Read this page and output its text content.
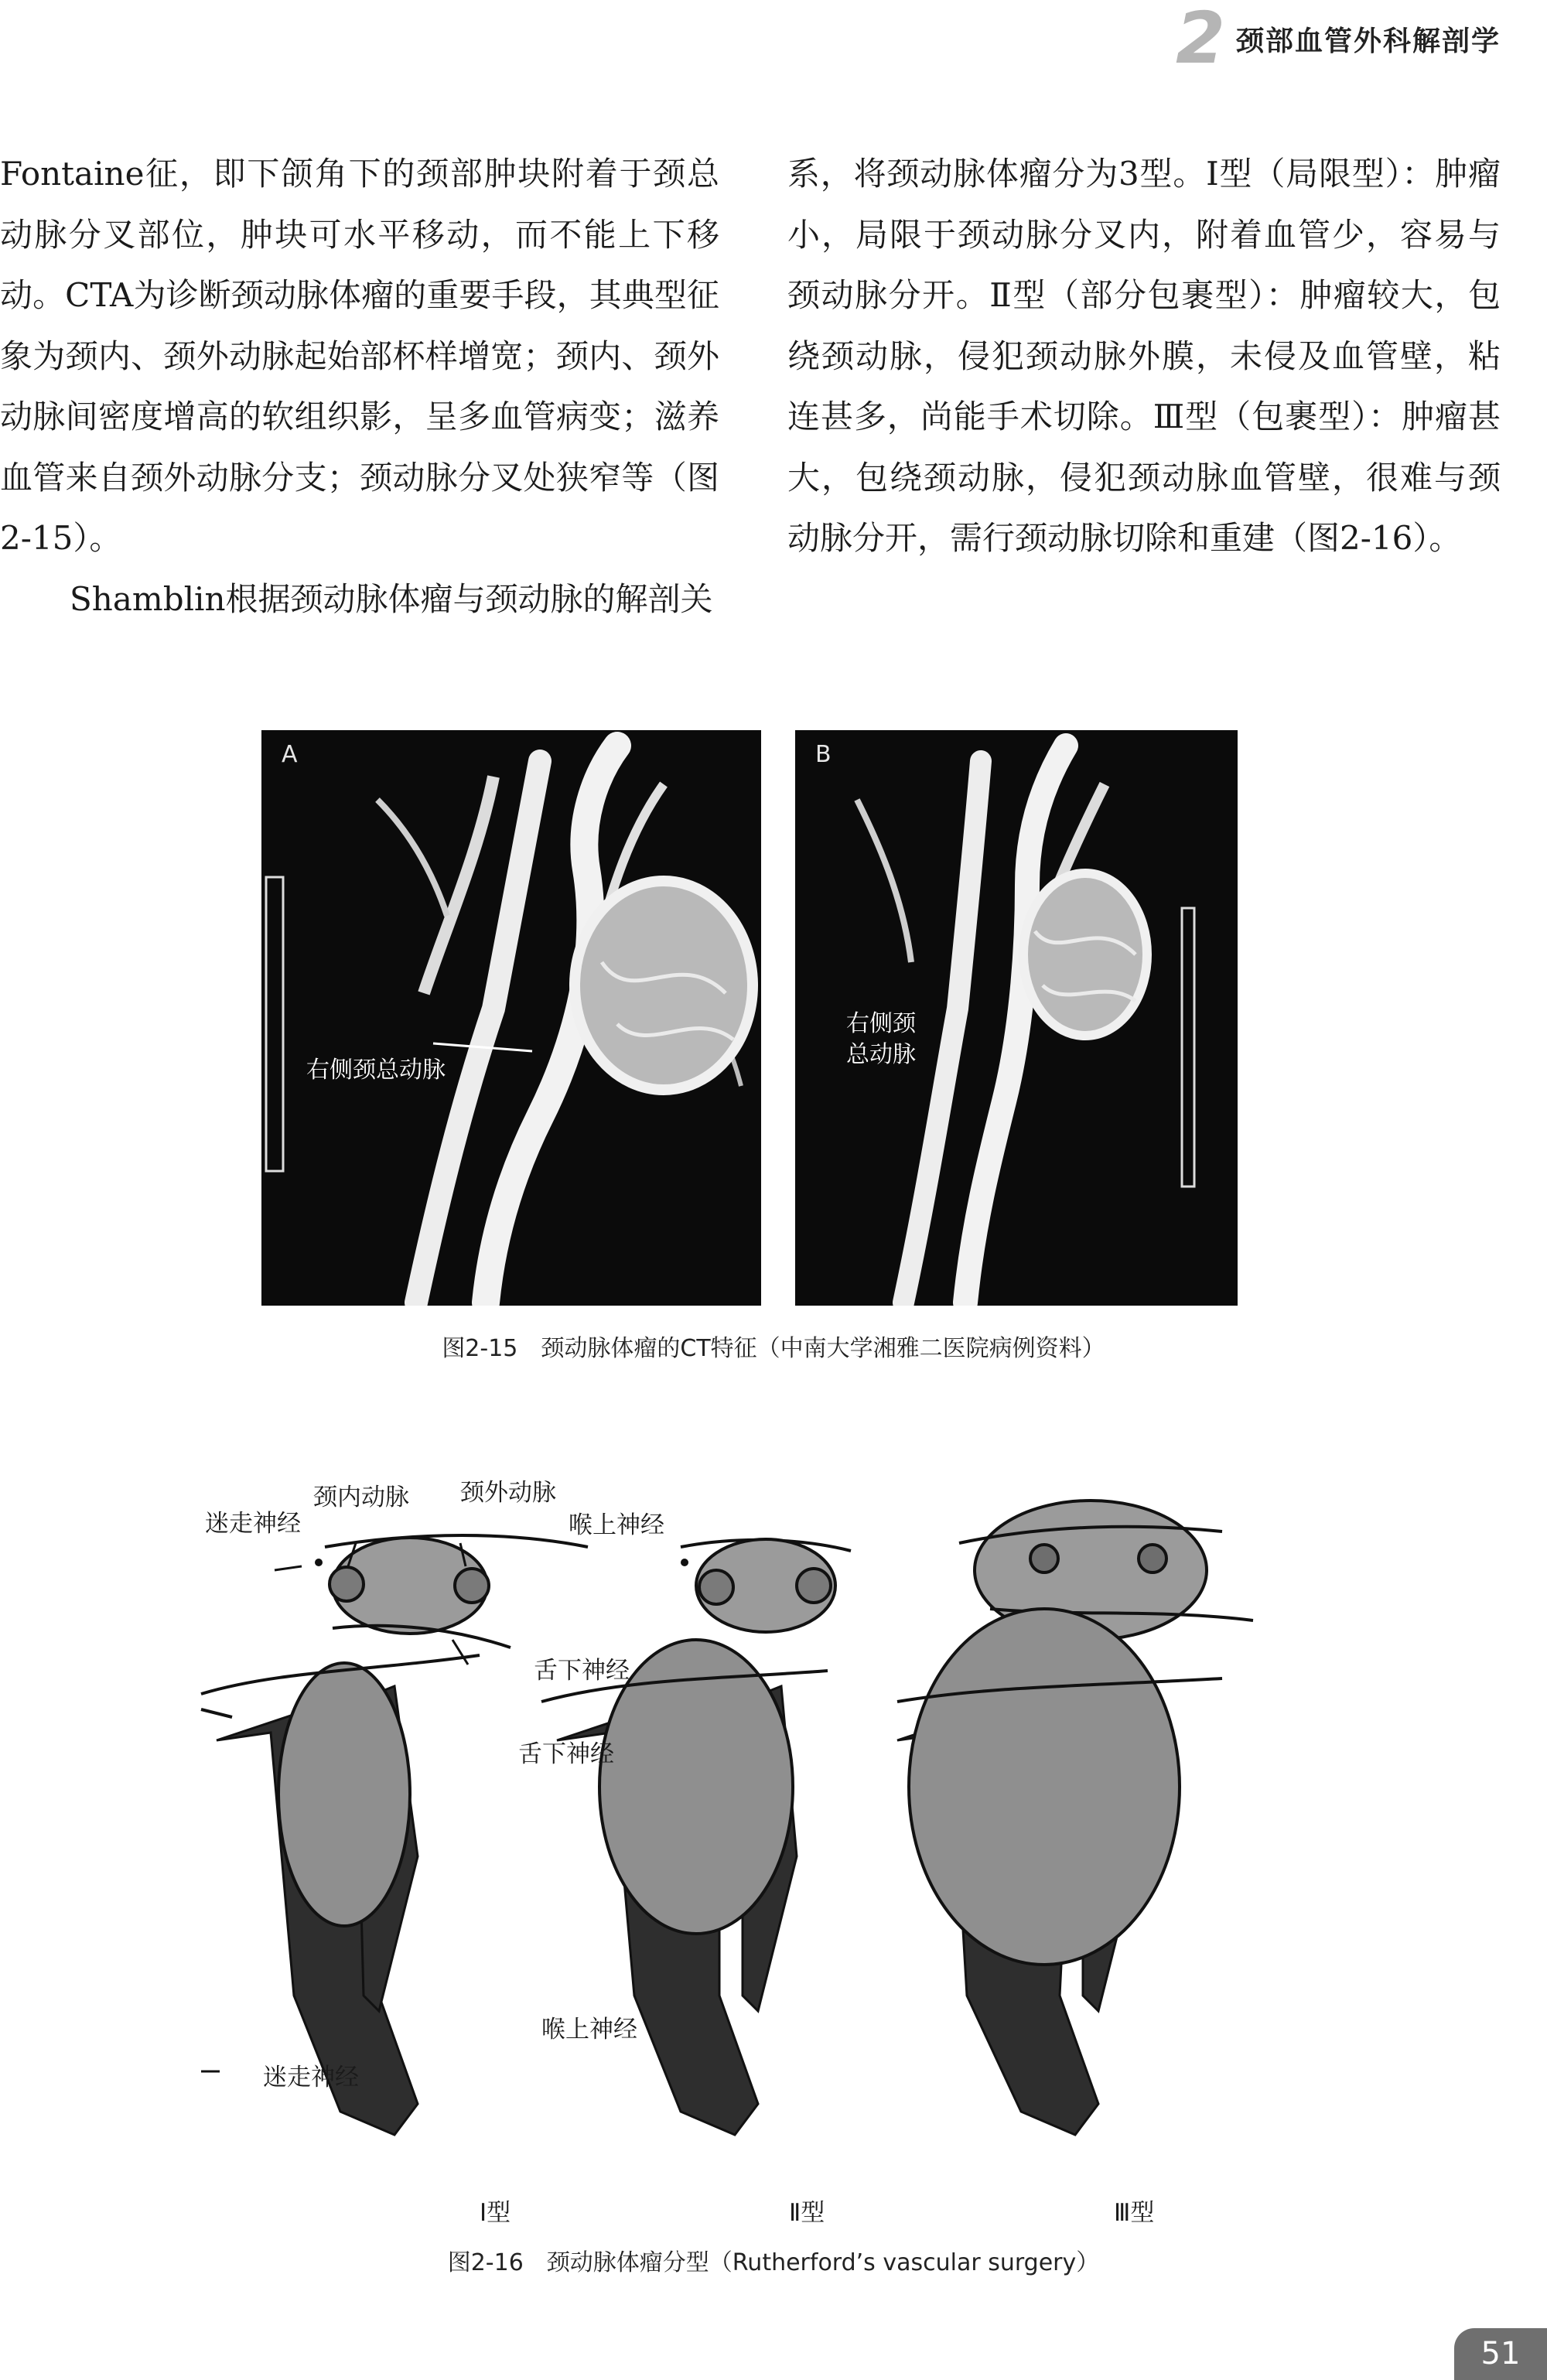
2 颈部血管外科解剖学

Fontaine征，即下颌角下的颈部肿块附着于颈总动脉分叉部位，肿块可水平移动，而不能上下移动。CTA为诊断颈动脉体瘤的重要手段，其典型征象为颈内、颈外动脉起始部杯样增宽；颈内、颈外动脉间密度增高的软组织影，呈多血管病变；滋养血管来自颈外动脉分支；颈动脉分叉处狭窄等（图2-15）。

Shamblin根据颈动脉体瘤与颈动脉的解剖关

系，将颈动脉体瘤分为3型。Ⅰ型（局限型）：肿瘤小，局限于颈动脉分叉内，附着血管少，容易与颈动脉分开。Ⅱ型（部分包裹型）：肿瘤较大，包绕颈动脉，侵犯颈动脉外膜，未侵及血管壁，粘连甚多，尚能手术切除。Ⅲ型（包裹型）：肿瘤甚大，包绕颈动脉，侵犯颈动脉血管壁，很难与颈动脉分开，需行颈动脉切除和重建（图2-16）。

A
右侧颈总动脉
B
右侧颈
总动脉
图2-15　颈动脉体瘤的CT特征（中南大学湘雅二医院病例资料）
迷走神经
颈内动脉 颈外动脉
喉上神经
舌下神经
舌下神经
喉上神经
迷走神经
Ⅰ型	Ⅱ型	Ⅲ型
图2-16　颈动脉体瘤分型（Rutherford’s vascular surgery）
51
